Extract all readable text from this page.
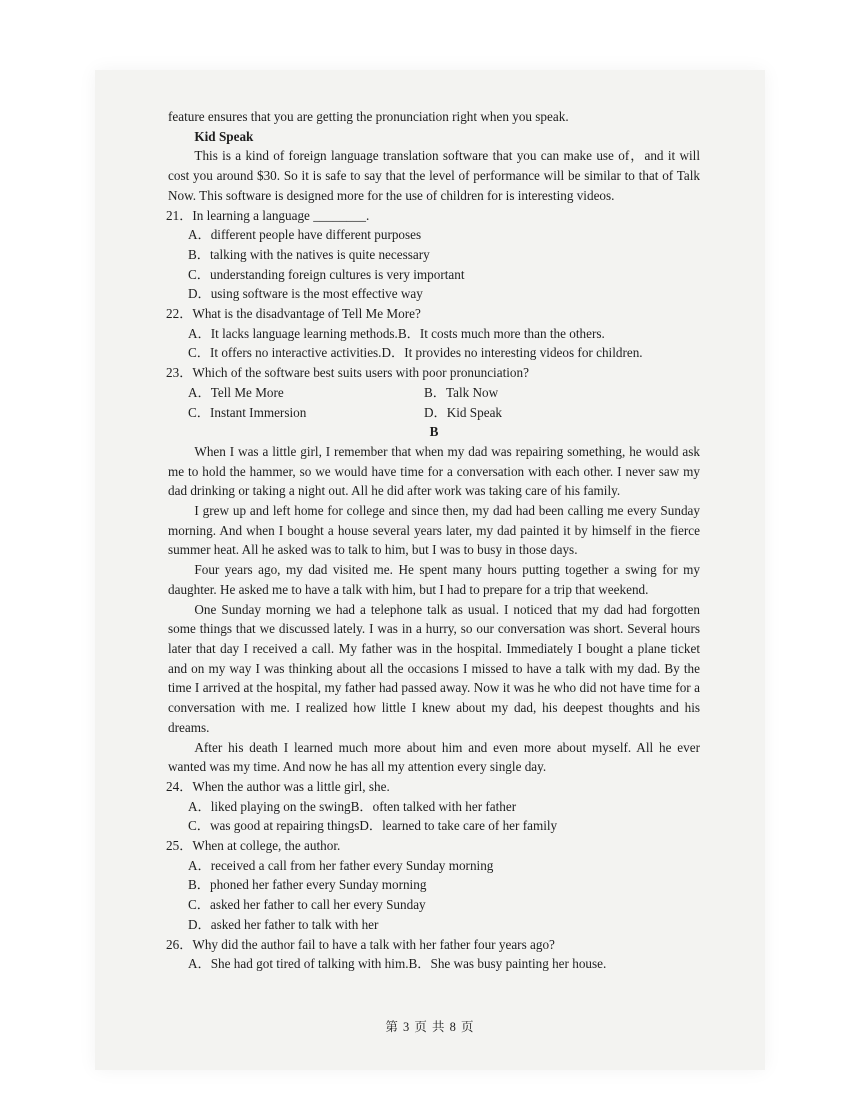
feature ensures that you are getting the pronunciation right when you speak.

Kid Speak

This is a kind of foreign language translation software that you can make use of，and it will cost you around $30. So it is safe to say that the level of performance will be similar to that of Talk Now. This software is designed more for the use of children for is interesting videos.

21．In learning a language ________.

A．different people have different purposes

B．talking with the natives is quite necessary

C．understanding foreign cultures is very important

D．using software is the most effective way

22．What is the disadvantage of Tell Me More?

A．It lacks language learning methods.B．It costs much more than the others.

C．It offers no interactive activities.D．It provides no interesting videos for children.

23．Which of the software best suits users with poor pronunciation?

A．Tell Me More	B．Talk Now
C．Instant Immersion	D．Kid Speak

B

When I was a little girl, I remember that when my dad was repairing something, he would ask me to hold the hammer, so we would have time for a conversation with each other. I never saw my dad drinking or taking a night out. All he did after work was taking care of his family.

I grew up and left home for college and since then, my dad had been calling me every Sunday morning. And when I bought a house several years later, my dad painted it by himself in the fierce summer heat. All he asked was to talk to him, but I was to busy in those days.

Four years ago, my dad visited me. He spent many hours putting together a swing for my daughter. He asked me to have a talk with him, but I had to prepare for a trip that weekend.

One Sunday morning we had a telephone talk as usual. I noticed that my dad had forgotten some things that we discussed lately. I was in a hurry, so our conversation was short. Several hours later that day I received a call. My father was in the hospital. Immediately I bought a plane ticket and on my way I was thinking about all the occasions I missed to have a talk with my dad. By the time I arrived at the hospital, my father had passed away. Now it was he who did not have time for a conversation with me. I realized how little I knew about my dad, his deepest thoughts and his dreams.

After his death I learned much more about him and even more about myself. All he ever wanted was my time. And now he has all my attention every single day.

24．When the author was a little girl, she.

A．liked playing on the swingB．often talked with her father

C．was good at repairing thingsD．learned to take care of her family

25．When at college, the author.

A．received a call from her father every Sunday morning

B．phoned her father every Sunday morning

C．asked her father to call her every Sunday

D．asked her father to talk with her

26．Why did the author fail to have a talk with her father four years ago?

A．She had got tired of talking with him.B．She was busy painting her house.

第 3 页 共 8 页
